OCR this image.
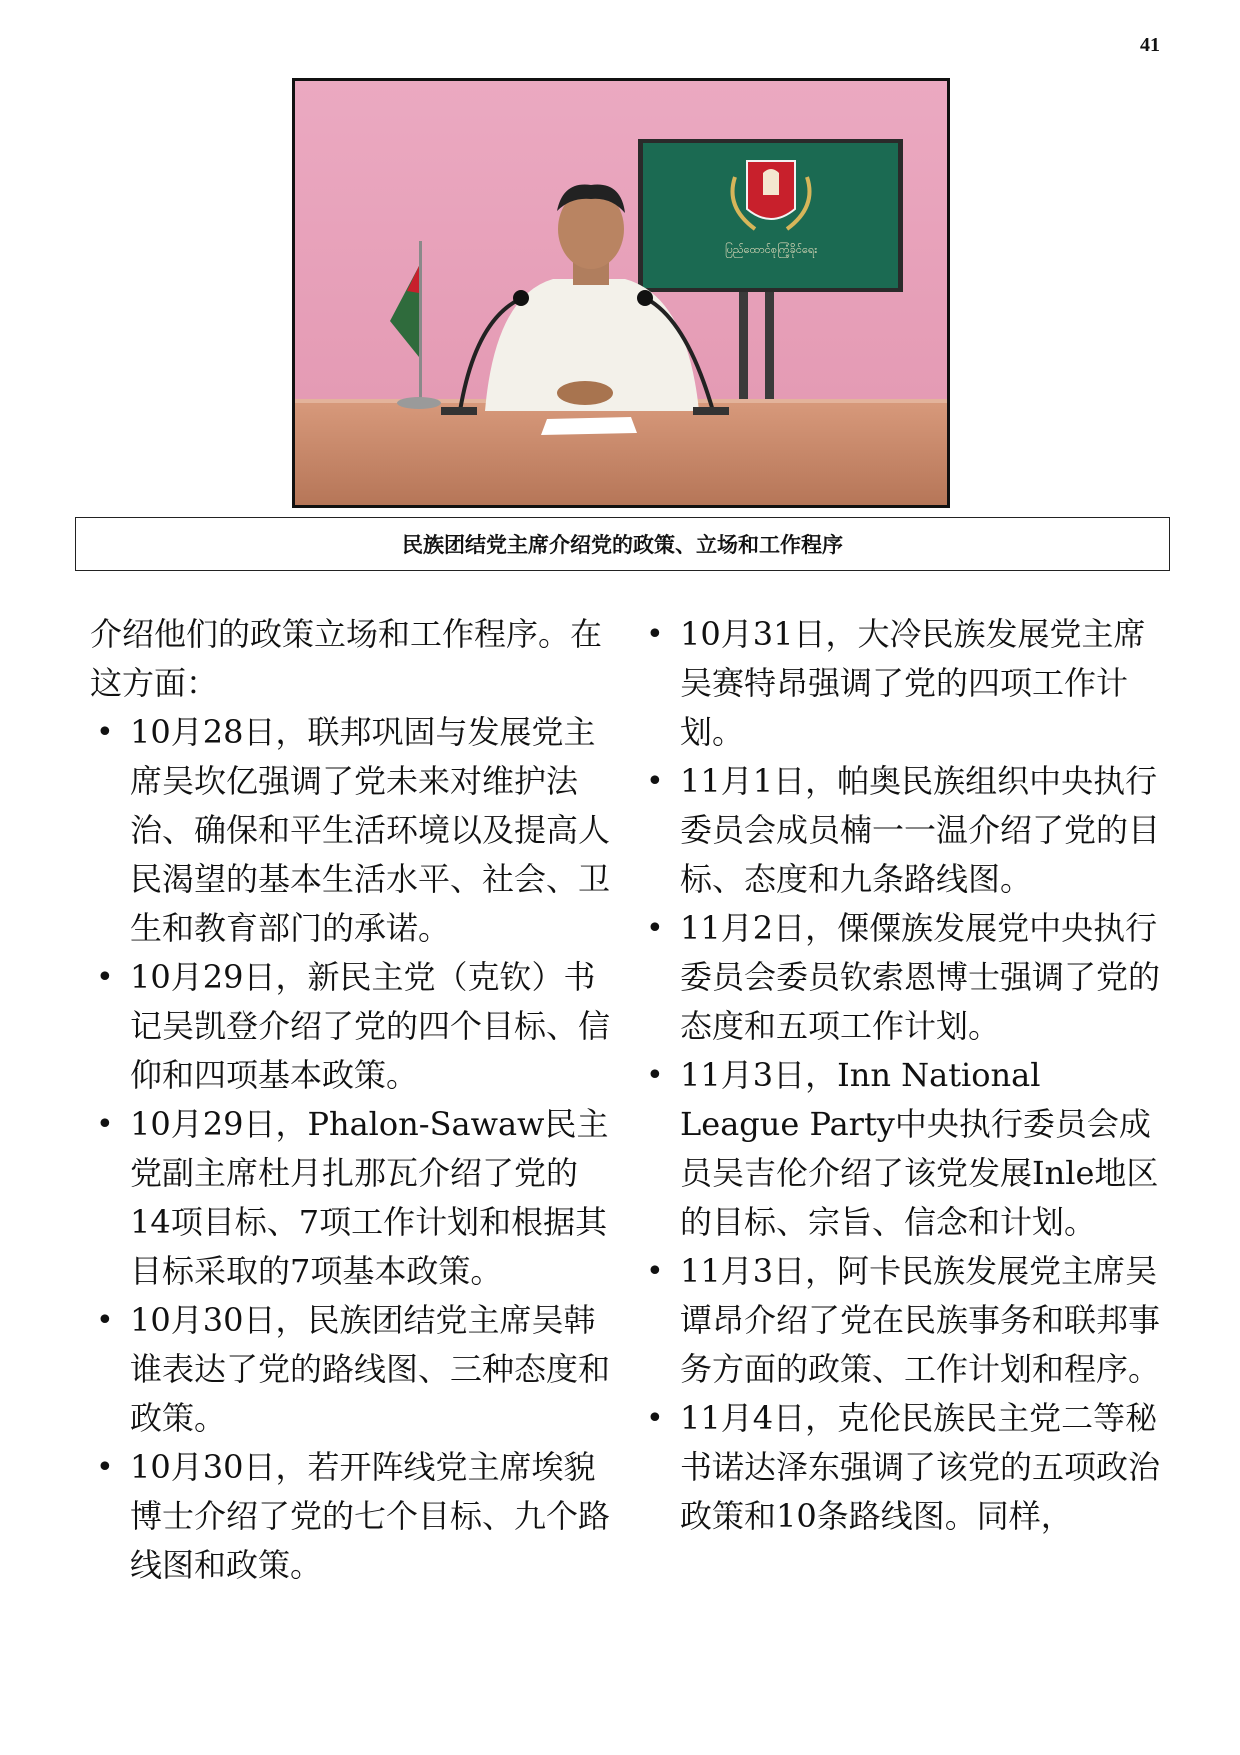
41
ပြည်ထောင်စုကြံ့ခိုင်ရေး
民族团结党主席介绍党的政策、立场和工作程序

介绍他们的政策立场和工作程序。在这方面：

• 10月28日，联邦巩固与发展党主席吴坎亿强调了党未来对维护法治、确保和平生活环境以及提高人民渴望的基本生活水平、社会、卫生和教育部门的承诺。
• 10月29日，新民主党（克钦）书记吴凯登介绍了党的四个目标、信仰和四项基本政策。
• 10月29日，Phalon-Sawaw民主党副主席杜月扎那瓦介绍了党的14项目标、7项工作计划和根据其目标采取的7项基本政策。
• 10月30日，民族团结党主席吴韩谁表达了党的路线图、三种态度和政策。
• 10月30日，若开阵线党主席埃貌博士介绍了党的七个目标、九个路线图和政策。
• 10月31日，大冷民族发展党主席吴赛特昂强调了党的四项工作计划。
• 11月1日，帕奥民族组织中央执行委员会成员楠一一温介绍了党的目标、态度和九条路线图。
• 11月2日，傈僳族发展党中央执行委员会委员钦索恩博士强调了党的态度和五项工作计划。
• 11月3日，Inn National League Party中央执行委员会成员吴吉伦介绍了该党发展Inle地区的目标、宗旨、信念和计划。
• 11月3日，阿卡民族发展党主席吴谭昂介绍了党在民族事务和联邦事务方面的政策、工作计划和程序。
• 11月4日，克伦民族民主党二等秘书诺达泽东强调了该党的五项政治政策和10条路线图。同样，
